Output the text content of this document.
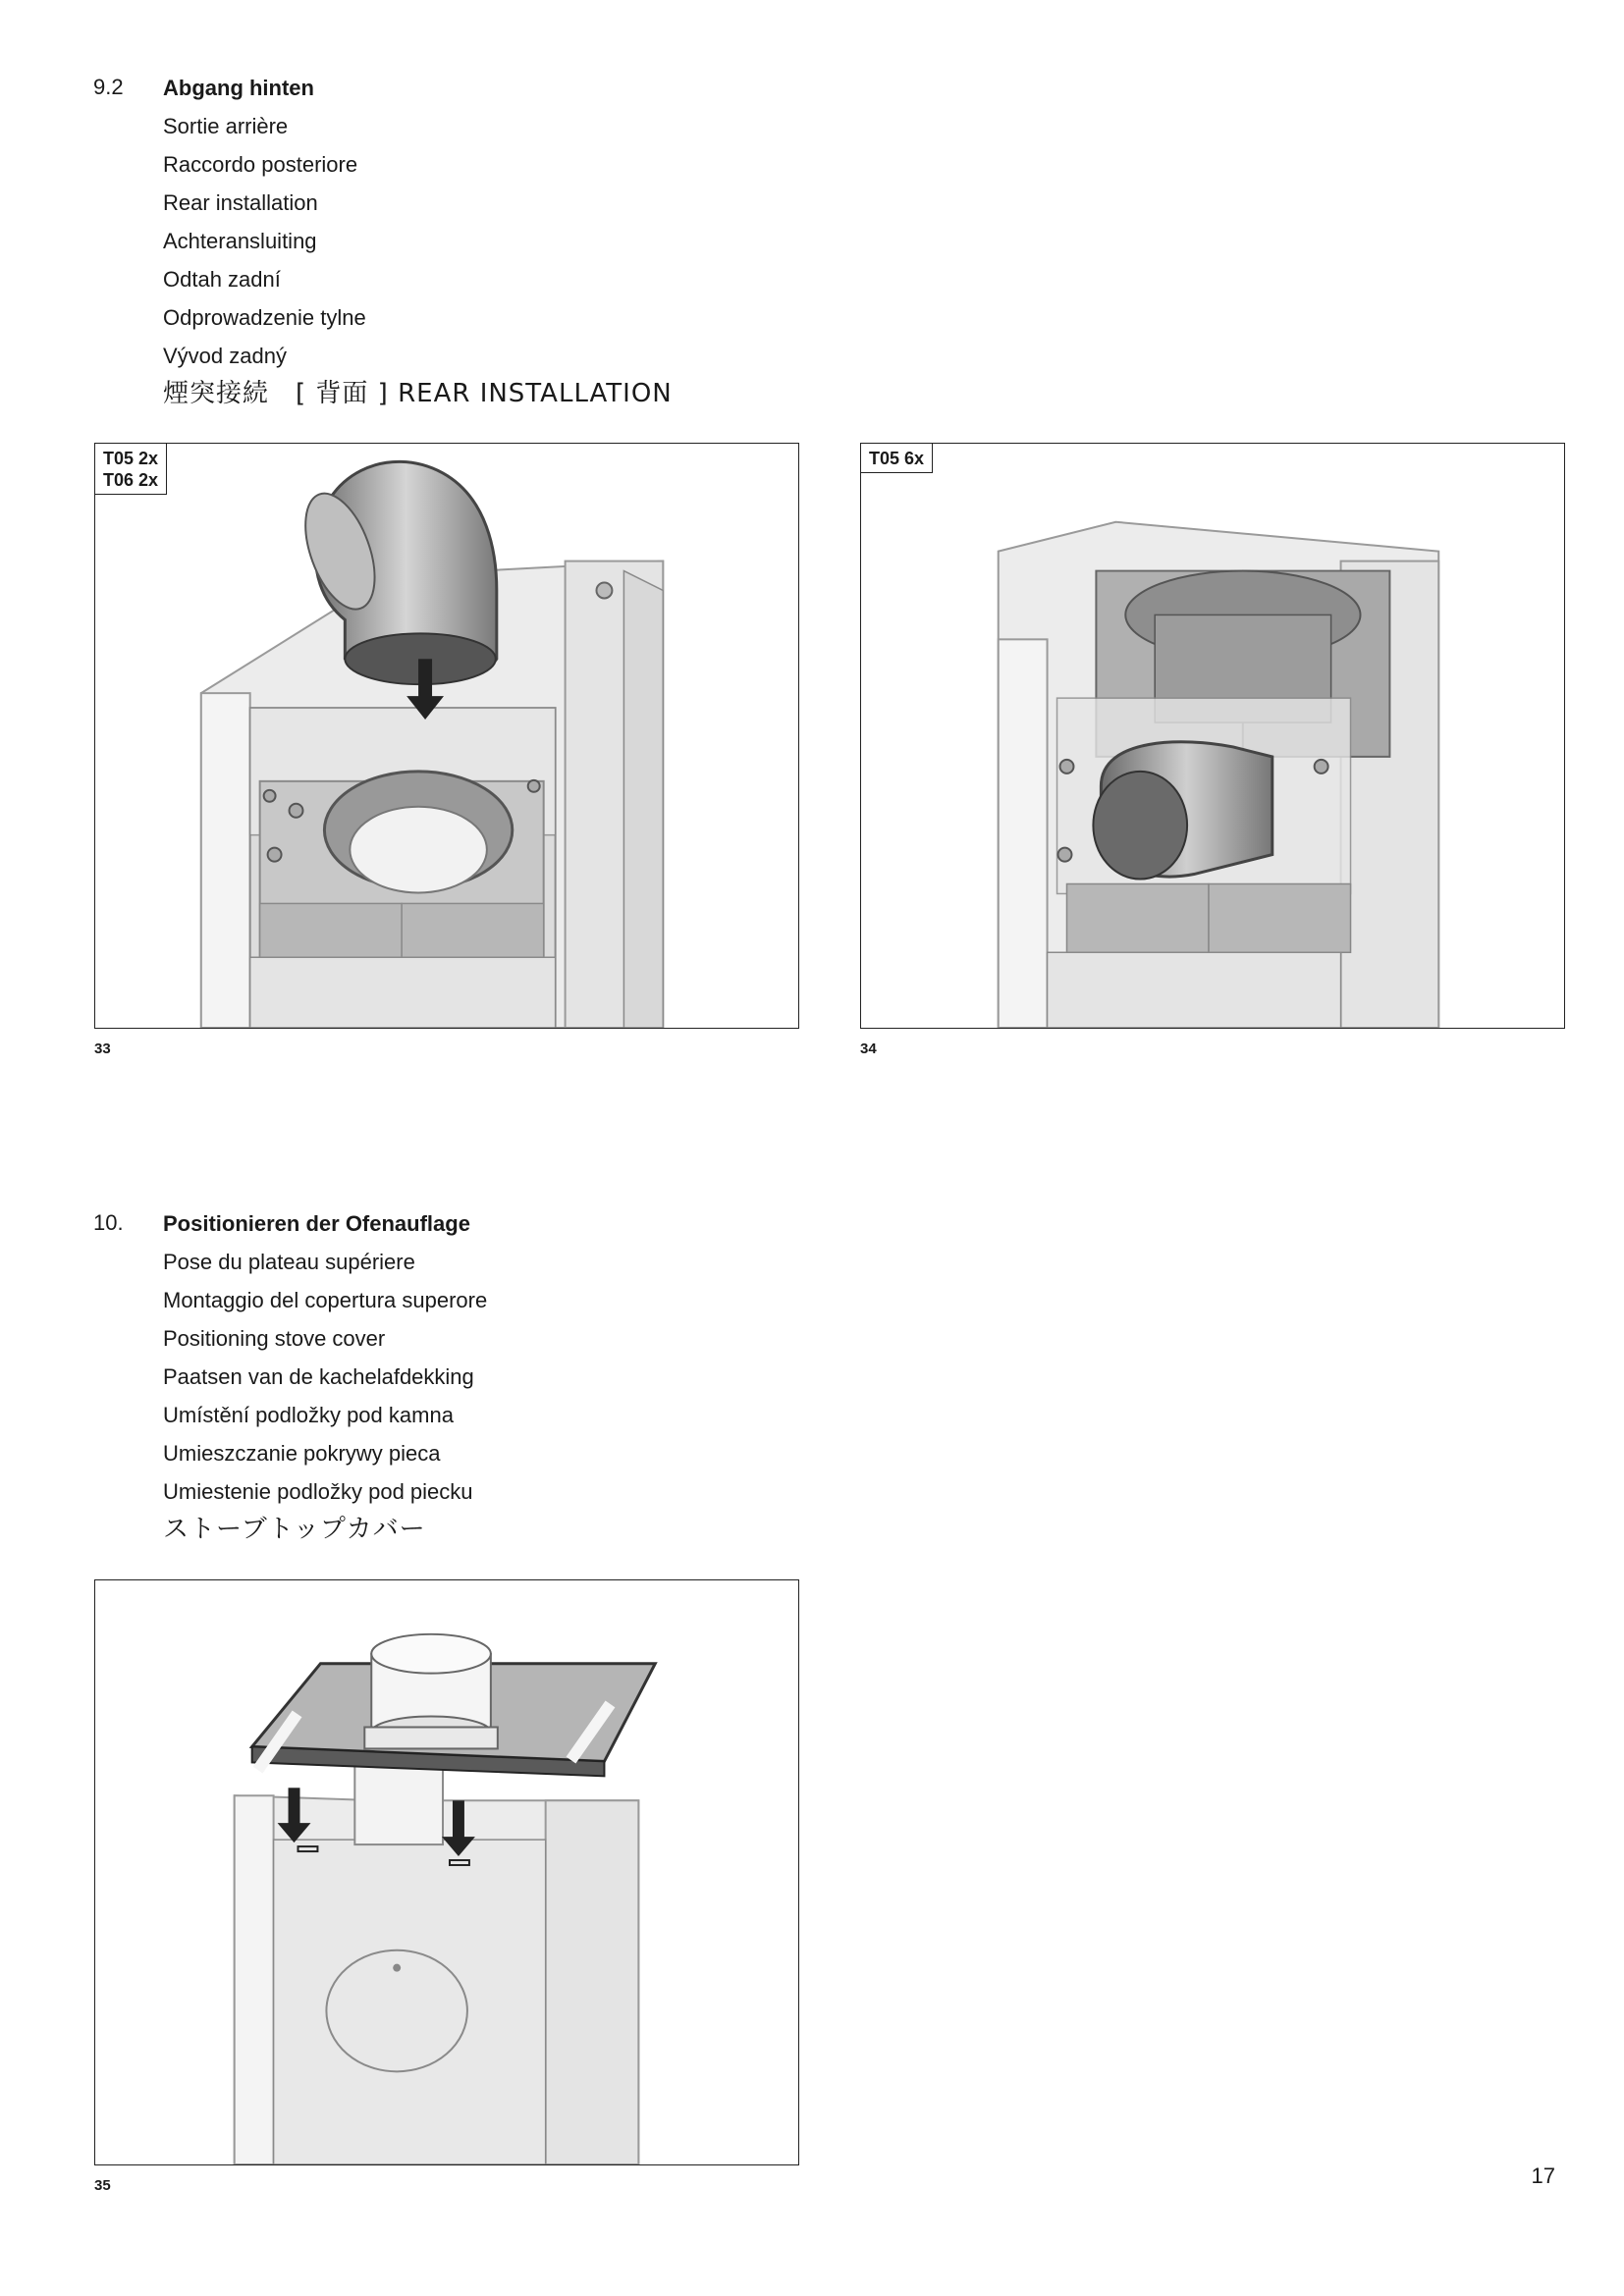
9.2 Abgang hinten
Sortie arrière
Raccordo posteriore
Rear installation
Achteransluiting
Odtah zadní
Odprowadzenie tylne
Vývod zadný
煙突接続　[ 背面 ] REAR INSTALLATION
T05 2x
T06 2x
33
T05 6x
34
10. Positionieren der Ofenauflage
Pose du plateau supériere
Montaggio del copertura superore
Positioning stove cover
Paatsen van de kachelafdekking
Umístění podložky pod kamna
Umieszczanie pokrywy pieca
Umiestenie podložky pod piecku
ストーブトップカバー
35	17
